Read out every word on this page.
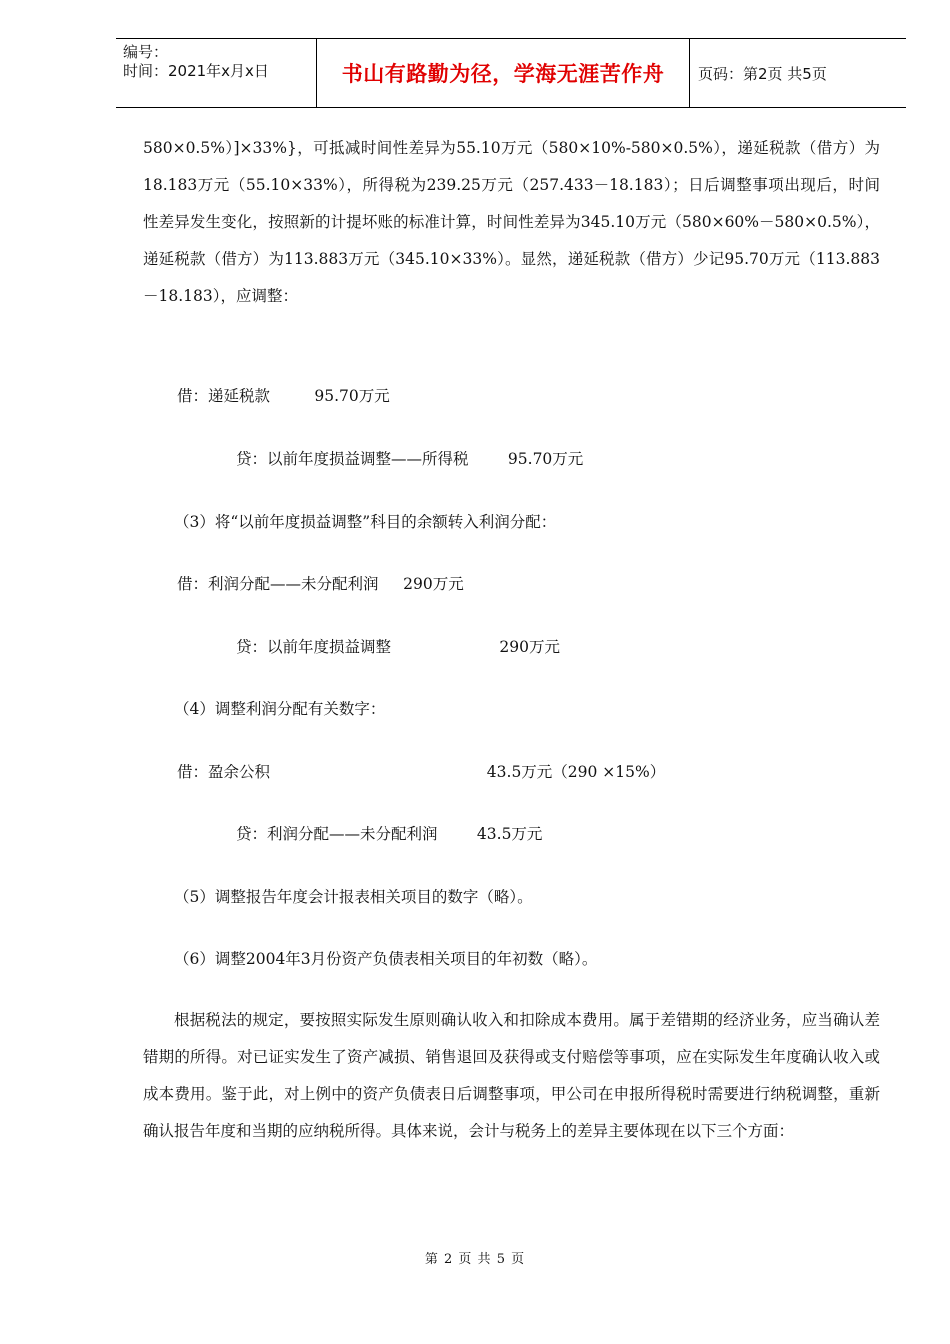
编号：
时间：2021年x月x日	书山有路勤为径，学海无涯苦作舟	页码：第2页 共5页

580×0.5%）]×33%}，可抵减时间性差异为55.10万元（580×10%-580×0.5%），递延税款（借方）为18.183万元（55.10×33%），所得税为239.25万元（257.433－18.183）；日后调整事项出现后，时间性差异发生变化，按照新的计提坏账的标准计算，时间性差异为345.10万元（580×60%－580×0.5%），递延税款（借方）为113.883万元（345.10×33%）。显然，递延税款（借方）少记95.70万元（113.883－18.183），应调整：

借：递延税款         95.70万元
贷：以前年度损益调整——所得税        95.70万元
（3）将“以前年度损益调整”科目的余额转入利润分配：
借：利润分配——未分配利润     290万元
贷：以前年度损益调整                      290万元
（4）调整利润分配有关数字：
借：盈余公积                                            43.5万元（290 ×15%）
贷：利润分配——未分配利润        43.5万元
（5）调整报告年度会计报表相关项目的数字（略）。
（6）调整2004年3月份资产负债表相关项目的年初数（略）。

根据税法的规定，要按照实际发生原则确认收入和扣除成本费用。属于差错期的经济业务，应当确认差错期的所得。对已证实发生了资产减损、销售退回及获得或支付赔偿等事项，应在实际发生年度确认收入或成本费用。鉴于此，对上例中的资产负债表日后调整事项，甲公司在申报所得税时需要进行纳税调整，重新确认报告年度和当期的应纳税所得。具体来说，会计与税务上的差异主要体现在以下三个方面：

第 2 页 共 5 页
